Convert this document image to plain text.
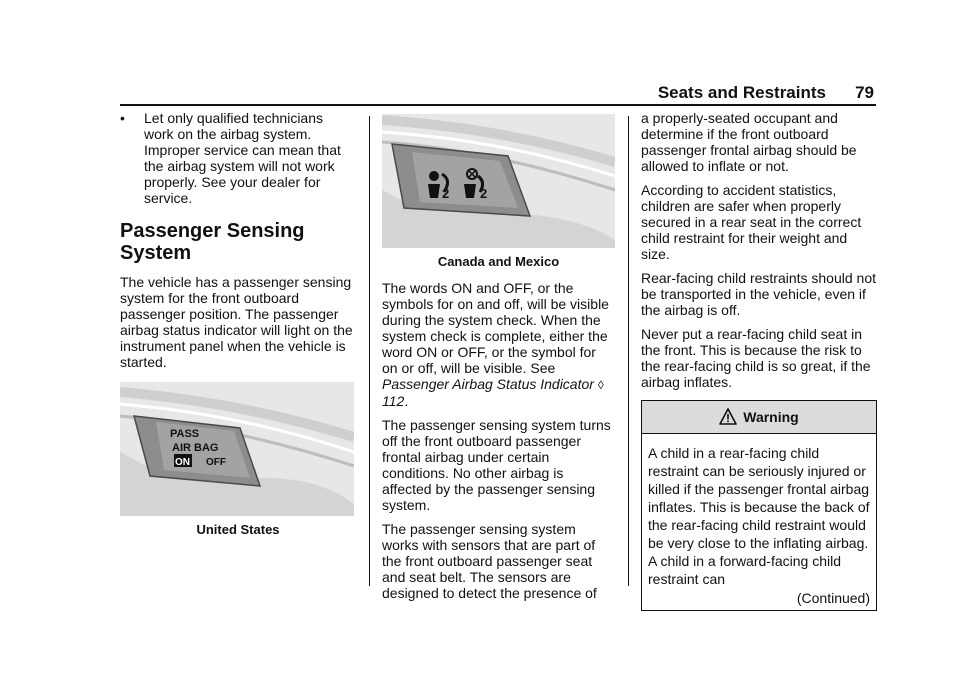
Seats and Restraints 79
•	Let only qualified technicians work on the airbag system. Improper service can mean that the airbag system will not work properly. See your dealer for service.
Passenger Sensing System

The vehicle has a passenger sensing system for the front outboard passenger position. The passenger airbag status indicator will light on the instrument panel when the vehicle is started.

PASS
AIR BAG
ON OFF
United States
2 2
Canada and Mexico

The words ON and OFF, or the symbols for on and off, will be visible during the system check. When the system check is complete, either the word ON or OFF, or the symbol for on or off, will be visible. See Passenger Airbag Status Indicator ◊ 112.

The passenger sensing system turns off the front outboard passenger frontal airbag under certain conditions. No other airbag is affected by the passenger sensing system.

The passenger sensing system works with sensors that are part of the front outboard passenger seat and seat belt. The sensors are designed to detect the presence of

a properly-seated occupant and determine if the front outboard passenger frontal airbag should be allowed to inflate or not.

According to accident statistics, children are safer when properly secured in a rear seat in the correct child restraint for their weight and size.

Rear-facing child restraints should not be transported in the vehicle, even if the airbag is off.

Never put a rear-facing child seat in the front. This is because the risk to the rear-facing child is so great, if the airbag inflates.

Warning
A child in a rear-facing child restraint can be seriously injured or killed if the passenger frontal airbag inflates. This is because the back of the rear-facing child restraint would be very close to the inflating airbag. A child in a forward-facing child restraint can
(Continued)
